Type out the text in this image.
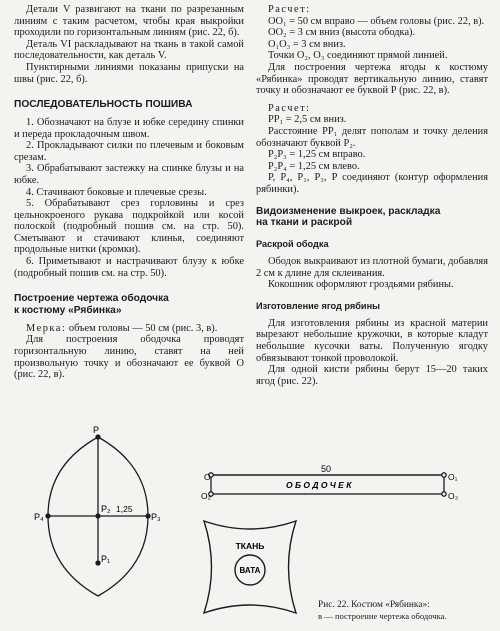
Детали V развигают на ткани по разрезанным линиям с таким расчетом, чтобы края выкройки проходили по горизонтальным линиям (рис. 22, б).

Деталь VI раскладывают на ткань в такой самой последовательности, как деталь V.

Пунктирными линиями показаны припуски на швы (рис. 22, б).

ПОСЛЕДОВАТЕЛЬНОСТЬ ПОШИВА

1. Обозначают на блузе и юбке середину спинки и переда прокладочным швом.

2. Прокладывают силки по плечевым и боковым срезам.

3. Обрабатывают застежку на спинке блузы и на юбке.

4. Стачивают боковые и плечевые срезы.

5. Обрабатывают срез горловины и срез цельнокроеного рукава подкройкой или косой полоской (подробный пошив см. на стр. 50). Сметывают и стачивают клинья, соединяют продольные нитки (кромки).

6. Приметывают и настрачивают блузу к юбке (подробный пошив см. на стр. 50).

Построение чертежа ободочка
к костюму «Рябинка»

Мерка: объем головы — 50 см (рис. 3, в).

Для построения ободочка проводят горизонтальную линию, ставят на ней произвольную точку и обозначают ее буквой О (рис. 22, в).

Расчет:

OO₁ = 50 см вправо — объем головы (рис. 22, в).

OO₂ = 3 см вниз (высота ободка).

O₁O₃ = 3 см вниз.

Точки O₂, O₃ соединяют прямой линией.

Для построения чертежа ягоды к костюму «Рябинка» проводят вертикальную линию, ставят точку и обозначают ее буквой Р (рис. 22, в).

Расчет:

PP₁ = 2,5 см вниз.

Расстояние PP₁ делят пополам и точку деления обозначают буквой P₂.

P₂P₃ = 1,25 см вправо.

P₂P₄ = 1,25 см влево.

P, P₄, P₁, P₃, P соединяют (контур оформления рябинки).

Видоизменение выкроек, раскладка
на ткани и раскрой
Раскрой ободка

Ободок выкраивают из плотной бумаги, добавляя 2 см к длине для склеивания.

Кокошник оформляют гроздьями рябины.

Изготовление ягод рябины

Для изготовления рябины из красной материи вырезают небольшие кружочки, в которые кладут небольшие кусочки ваты. Полученную ягодку обвязывают тонкой проволокой.

Для одной кисти рябины берут 15—20 таких ягод (рис. 22).

P
P₁
P₂
P₃
P₄
1,25
O	O₁
O₂	O₃
50
О Б О Д О Ч Е К
ТКАНЬ
ВАТА
Рис. 22. Костюм «Рябинка»:
в — построение чертежа ободочка.
